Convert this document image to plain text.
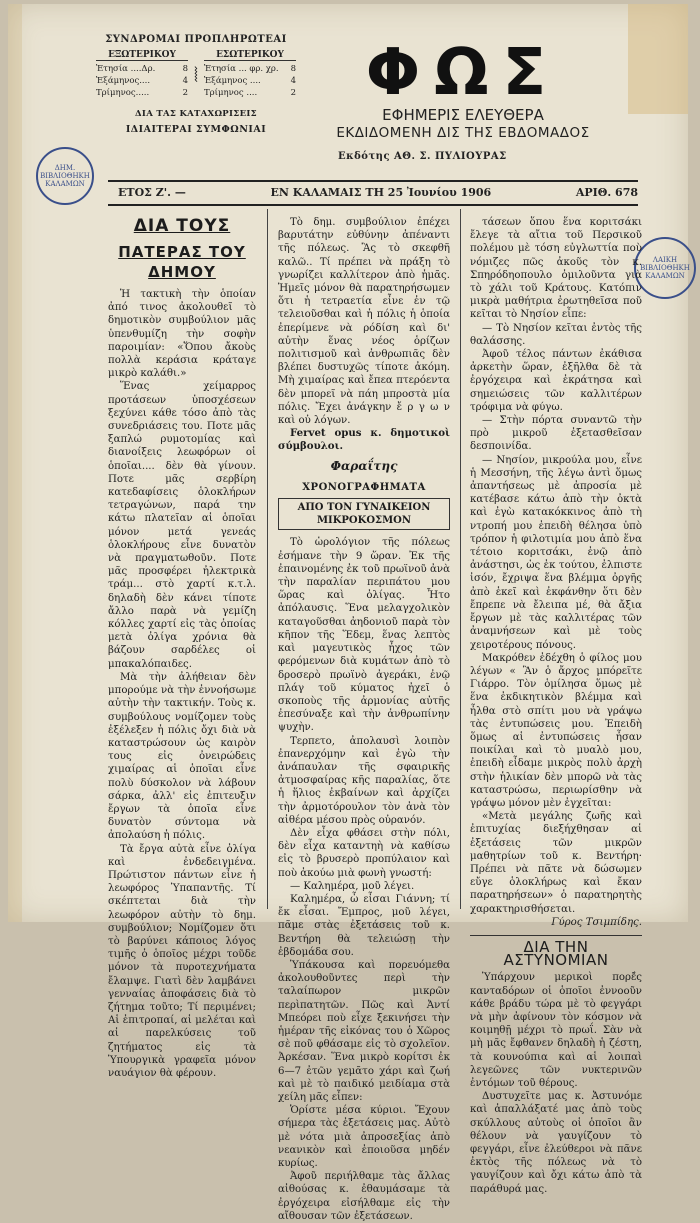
ΣΥΝΔΡΟΜΑΙ ΠΡΟΠΛΗΡΩΤΕΑΙ
ΕΞΩΤΕΡΙΚΟΥ
Ἐτησία ....Δρ.	8
Ἑξάμηνος....	4
Τρίμηνος.....	2
⦚
ΕΣΩΤΕΡΙΚΟΥ
Ἐτησία ... φρ. χρ. 8
Ἑξάμηνος ....	4
Τρίμηνος ....	2
ΔΙΑ ΤΑΣ ΚΑΤΑΧΩΡΙΣΕΙΣ
ΙΔΙΑΙΤΕΡΑΙ ΣΥΜΦΩΝΙΑΙ
ΦΩΣ
ΕΦΗΜΕΡΙΣ ΕΛΕΥΘΕΡΑ
ΕΚΔΙΔΟΜΕΝΗ ΔΙΣ ΤΗΣ ΕΒΔΟΜΑΔΟΣ
Εκδότης ΑΘ. Σ. ΠΥΛΙΟΥΡΑΣ
ΔΗΜ. ΒΙΒΛΙΟΘΗΚΗ ΚΑΛΑΜΩΝ
ΛΑΙΚΗ ΒΙΒΛΙΟΘΗΚΗ ΚΑΛΑΜΩΝ
ΕΤΟΣ Ζ'. —	ΕΝ ΚΑΛΑΜΑΙΣ ΤΗ 25 Ἰουνίου 1906	ΑΡΙΘ. 678
ΔΙΑ ΤΟΥΣ
ΠΑΤΕΡΑΣ ΤΟΥ ΔΗΜΟΥ

Ἡ τακτικὴ τὴν ὁποίαν ἀπό τινος ἀκολουθεῖ τὸ δημοτικὸν συμβούλιον μᾶς ὑπενθυμίζη τὴν σοφὴν παροιμίαν: «Ὅπου ἄκοὺς πολλὰ κεράσια κράταγε μικρὸ καλάθι.»

Ἕνας χείμαρρος προτάσεων ὑποσχέσεων ξεχύνει κάθε τόσο ἀπὸ τὰς συνεδριάσεις του. Ποτε μᾶς ξαπλώ ρυμοτομίας καὶ διανοίξεις λεωφόρων οἱ ὁποῖαι.... δὲν θὰ γίνουν. Ποτε μᾶς σερβίρη κατεδαφίσεις ὁλοκλήρων τετραγώνων, παρά την κάτω πλατεῖαν αἱ ὁποῖαι μόνον μετά γενεάς ὁλοκλήρους εἶνε δυνατὸν νὰ πραγματωθοῦν. Ποτε μᾶς προσφέρει ἠλεκτρικὰ τράμ... στὸ χαρτί κ.τ.λ. δηλαδὴ δὲν κάνει τίποτε ἄλλο παρὰ νὰ γεμίζη κόλλες χαρτί εἰς τὰς ὁποίας μετὰ ὀλίγα χρόνια θὰ βάζουν σαρδέλες οἱ μπακαλόπαιδες.

Μὰ τὴν ἀλήθειαν δὲν μπορούμε νὰ τὴν ἐννοήσωμε αὐτὴν τὴν τακτικήν. Τοὺς κ. συμβούλους νομίζομεν τοὺς ἐξέλεξεν ἡ πόλις ὄχι διὰ νὰ καταστρώσουν ὡς καιρὸν τους εἰς ὀνειρώδεις χιμαίρας αἱ ὁποῖαι εἶνε πολὺ δύσκολον νὰ λάβουν σάρκα, ἀλλ' εἰς ἐπιτευξιν ἔργων τὰ ὁποῖα εἶνε δυνατὸν σύντομα νὰ ἀπολαύση ἡ πόλις.

Τὰ ἔργα αὐτὰ εἶνε ὀλίγα καὶ ἐνδεδειγμένα. Πρώτιστον πάντων εἶνε ἡ λεωφόρος Ὑπαπαντῆς. Τί σκέπτεται διὰ τὴν λεωφόρον αὐτὴν τὸ δημ. συμβούλιον; Νομίζομεν ὅτι τὸ βαρύνει κάποιος λόγος τιμῆς ὁ ὁποῖος μέχρι τοῦδε μόνον τὰ πυροτεχνήματα ἔλαμψε. Γιατὶ δὲν λαμβάνει γενναίας ἀποφάσεις διὰ τὸ ζήτημα τοῦτο; Τί περιμένει; Αἱ ἐπιτροπαί, αἱ μελέται καὶ αἱ παρελκύσεις τοῦ ζητήματος εἰς τὰ Ὑπουργικὰ γραφεῖα μόνον ναυάγιον θὰ φέρουν.

Τὸ δημ. συμβούλιον ἐπέχει βαρυτάτην εὐθύνην ἀπέναντι τῆς πόλεως. Ἂς τὸ σκεφθῆ καλῶ.. Τί πρέπει νὰ πράξη τὸ γνωρίζει καλλίτερον ἀπὸ ἡμᾶς. Ἡμεῖς μόνον θὰ παρατηρήσωμεν ὅτι ἡ τετραετία εἶνε ἐν τῷ τελειοῦσθαι καὶ ἡ πόλις ἡ ὁποία ἐπερίμενε νὰ ρόδίση καὶ δι' αὐτὴν ἕνας νέος ὁρίζων πολιτισμοῦ καὶ ἀνθρωπιᾶς δὲν βλέπει δυστυχῶς τίποτε ἀκόμη. Μὴ χιμαίρας καὶ ἔπεα πτερόεντα δὲν μπορεῖ νὰ πάη μπροστὰ μία πόλις. Ἔχει ἀνάγκην ἔ ρ γ ω ν καὶ οὐ λόγων.

Fervet opus κ. δημοτικοὶ σύμβουλοι.

Φαραΐτης
ΧΡΟΝΟΓΡΑΦΗΜΑΤΑ
ΑΠΟ ΤΟΝ ΓΥΝΑΙΚΕΙΟΝ ΜΙΚΡΟΚΟΣΜΟΝ

Τὸ ὡρολόγιον τῆς πόλεως ἐσήμανε τὴν 9 ὥραν. Ἐκ τῆς ἐπαινομένης ἐκ τοῦ πρωϊνοῦ ἀνὰ τὴν παραλίαν περιπάτου μου ὥρας καὶ ὀλίγας. Ἦτο ἀπόλαυσις. Ἕνα μελαγχολικὸν καταγοῦσθαι ἀηδονιοῦ παρὰ τὸν κῆπον τῆς Ἕδεμ, ἕνας λεπτὸς καὶ μαγευτικὸς ἦχος τῶν φερόμενων διὰ κυμάτων ἀπὸ τὸ δροσερὸ πρωϊνὸ ἀγεράκι, ἐνῷ πλάγ τοῦ κύματος ἠχεῖ ὁ σκοποὺς τῆς ἀρμονίας αὐτῆς ἐπεσύναξε καὶ τὴν ἀνθρωπίνην ψυχὴν.

Τερπετο, ἀπολαυσὶ λοιπὸν ἐπανερχόμην καὶ ἐγὼ τὴν ἀνάπαυλαν τῆς σφαιρικῆς ἀτμοσφαίρας κῆς παραλίας, ὅτε ἡ ἥλιος ἐκβαίνων καὶ ἀρχίζει τὴν ἀρμοτόρουλον τὸν ἀνὰ τὸν αἰθέρα μέσου πρὸς οὐρανόν.

Δὲν εἶχα φθάσει στὴν πόλι, δὲν εἶχα καταντηὴ νὰ καθίσω εἰς τὸ βρυσερὸ προπύλαιον καὶ ποὺ ἀκούω μιὰ φωνὴ γνωστή:

— Καλημέρα, μοῦ λέγει.

Καλημέρα, ὦ εἶσαι Γιάννη; τί ἔκ εἶσαι. Ἔμπρος, μοῦ λέγει, πᾶμε στὰς ἐξετάσεις τοῦ κ. Βεντήρη θὰ τελειώσῃ τὴν ἐβδομάδα σου.

Ὑπάκουσα καὶ πορευόμεθα ἀκολουθοῦντες περὶ τὴν ταλαίπωρον μικρῶν περὶπατητῶν. Πῶς καὶ Ἀντί Μπεόρει ποὺ εἶχε ξεκινήσει τὴν ἡμέραν τῆς εἰκόνας του ὁ Χῶρος σὲ ποῦ φθάσαμε εἰς τὸ σχολεῖον. Ἀρκέσαν. Ἕνα μικρὸ κορίτσι ἐκ 6—7 ἐτῶν γεμᾶτο χάρι καὶ ζωή καὶ μὲ τὸ παιδικό μειδίαμα στὰ χείλη μᾶς εἶπεν:

Ὁρίστε μέσα κύριοι. Ἔχουν σήμερα τὰς ἐξετάσεις μας. Αὐτὸ μὲ νότα μιὰ ἀπροσεξίας ἀπὸ νεανικὸν καὶ ἐποιοῦσα μηδέν κυρίως.

Ἀφοῦ περιήλθαμε τὰς ἄλλας αἰθούσας κ. ἐθαυμάσαμε τὰ ἐργόχειρα εἰσήλθαμε εἰς τὴν αἴθουσαν τῶν ἐξετάσεων.

τάσεων ὅπου ἕνα κοριτσάκι ἔλεγε τὰ αἴτια τοῦ Περσικοῦ πολέμου μὲ τόση εὐγλωττία ποὺ νόμιζες πῶς ἀκοῦς τὸν κ. Σπηρόδηοπουλο ὁμιλοῦντα γιὰ τὸ χάλι τοῦ Κράτους. Κατόπιν μικρὰ μαθήτρια ἐρωτηθεῖσα ποῦ κεῖται τὸ Νησίον εἶπε:

— Τὸ Νησίον κεῖται ἐντὸς τῆς θαλάσσης.

Ἀφοῦ τέλος πάντων ἐκάθισα ἀρκετὴν ὥραν, ἐξῆλθα δὲ τὰ ἐργόχειρα καὶ ἐκράτησα καὶ σημειώσεις τῶν καλλιτέρων τρόφιμα νὰ φύγω.

— Στὴν πόρτα συναντῶ τὴν πρὸ μικροῦ ἐξετασθεῖσαν δεσποινίδα.

— Νησίον, μικρούλα μου, εἶνε ἡ Μεσσήνη, τῆς λέγω ἀντὶ ὅμως ἀπαντήσεως μὲ ἀπροσία μὲ κατέβασε κάτω ἀπὸ τὴν ὀκτὰ καὶ ἐγὼ κατακόκκινος ἀπὸ τὴ ντροπή μου ἐπειδὴ θέλησα ὑπὸ τρόπον ἡ φιλοτιμία μου ἀπὸ ἕνα τέτοιο κοριτσάκι, ἐνῷ ἀπὸ ἀνάστησι, ὡς ἐκ τούτου, ἐλπιστε ἰσόν, ἔχριψα ἕνα βλέμμα ὀργῆς ἀπὸ ἑκεῖ καὶ ἐκφάνθην ὅτι δὲν ἔπρεπε νὰ ἔλειπα μέ, θὰ ἄξια ἔργων μὲ τὰς καλλιτέρας τῶν ἀναμνήσεων καὶ μὲ τοὺς χειροτέρους πόνους.

Μακρόθεν ἐδέχθη ὁ φίλος μου λέγων « Ἂν ὁ ἄρχος μπόρεῖτε Γιάρρο. Τὸν ὁμίλησα ὅμως μὲ ἕνα ἐκδικητικὸν βλέμμα καὶ ἦλθα στὸ σπίτι μου νὰ γράψω τὰς ἐντυπώσεις μου. Ἐπειδὴ ὅμως αἱ ἐντυπώσεις ἦσαν ποικίλαι καὶ τὸ μυαλὸ μου, ἐπειδὴ εἶδαμε μικρὸς πολὺ ἀρχὴ στὴν ἡλικίαν δὲν μπορῶ νὰ τὰς καταστρώσω, περιωρίσθην νὰ γράψω μόνον μὲν ἐγχεῖται:

«Μετὰ μεγάλης ζωῆς καὶ ἐπιτυχίας διεξήχθησαν αἱ ἐξετάσεις τῶν μικρῶν μαθητρίων τοῦ κ. Βεντήρη· Πρέπει νὰ πᾶτε νὰ δώσωμεν εὔγε ὁλοκλήρως καὶ ἔκαν παρατηρήσεων» ὁ παρατηρητὴς χαρακτηρισθήσεται.

Γύρος Τσιμπίδης.
ΔΙΑ ΤΗΝ ΑΣΤΥΝΟΜΙΑΝ

Ὑπάρχουν μερικοὶ πορέ̃ς κανταδόρων οἱ ὁποῖοι ἐννοοῦν κάθε βράδυ τώρα μὲ τὸ φεγγάρι νὰ μὴν ἀφίνουν τὸν κόσμον νὰ κοιμηθῇ μέχρι τὸ πρωΐ. Σὰν νὰ μὴ μᾶς ἔφθανεν δηλαδὴ ἡ ζέστη, τὰ κουνούπια καὶ αἱ λοιπαὶ λεγεῶνες τῶν νυκτερινῶν ἐντόμων τοῦ θέρους.

Δυστυχεῖτε μας κ. Ἀστυνόμε καὶ ἀπαλλάξατέ μας ἀπὸ τοὺς σκύλλους αὐτοὺς οἱ ὁποῖοι ἂν θέλουν νὰ γαυγίζουν τὸ φεγγάρι, εἶνε ἐλεύθεροι νὰ πᾶνε ἐκτὸς τῆς πόλεως νὰ τὸ γαυγίζουν καὶ ὄχι κάτω ἀπὸ τὰ παράθυρά μας.
